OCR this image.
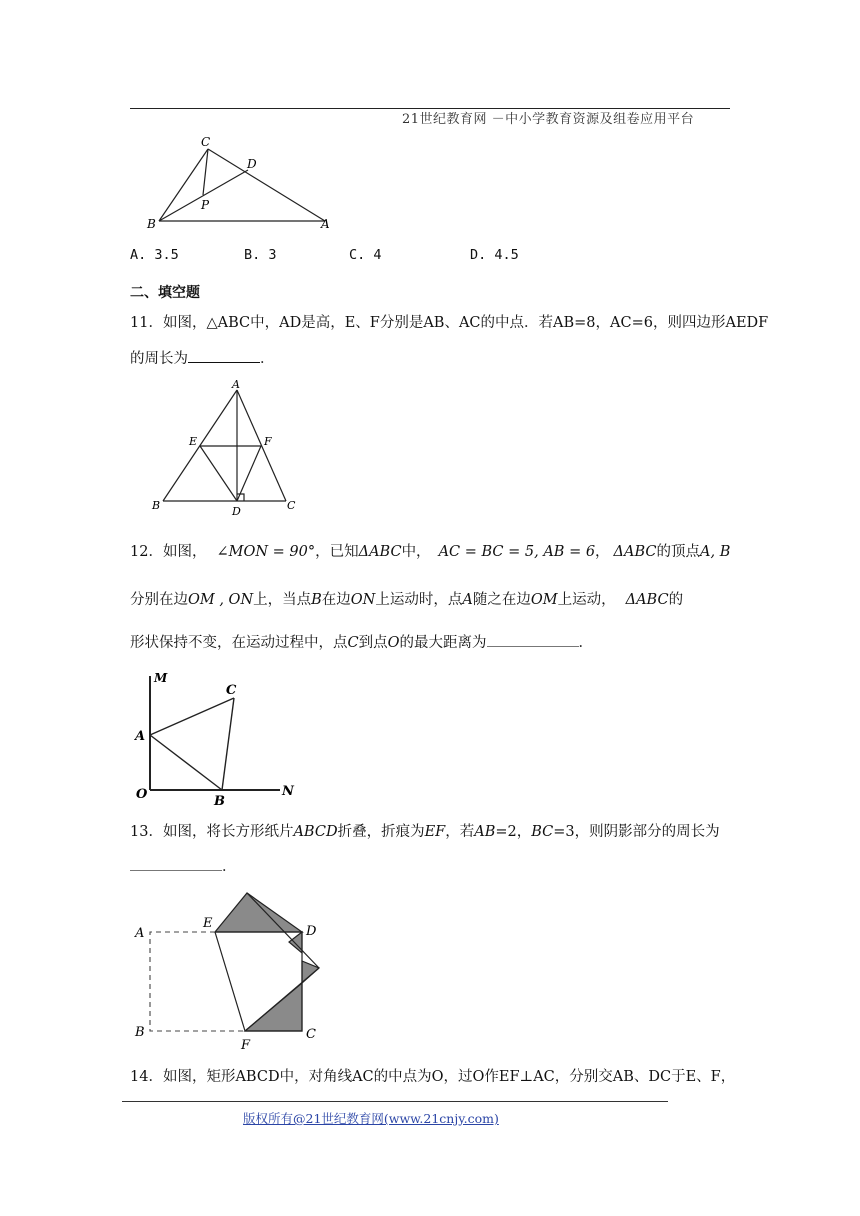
21世纪教育网 －中小学教育资源及组卷应用平台
C
D
P
B	A
A. 3.5	B. 3	C. 4	D. 4.5
二、填空题
11．如图，△ABC中，AD是高，E、F分别是AB、AC的中点．若AB=8，AC=6，则四边形AEDF
的周长为	．
A
E	F
B	D	C
12．如图， ∠MON = 90°，已知ΔABC中， AC = BC = 5, AB = 6， ΔABC的顶点A, B
分别在边OM , ON上，当点B在边ON上运动时，点A随之在边OM上运动， ΔABC的
形状保持不变，在运动过程中，点C到点O的最大距离为	．
M
C
A
O	B
N
13．如图，将长方形纸片ABCD折叠，折痕为EF，若AB=2，BC=3，则阴影部分的周长为
．
A
E
D
B
F
C
14．如图，矩形ABCD中，对角线AC的中点为O，过O作EF⊥AC，分别交AB、DC于E、F，
版权所有@21世纪教育网(www.21cnjy.com)
